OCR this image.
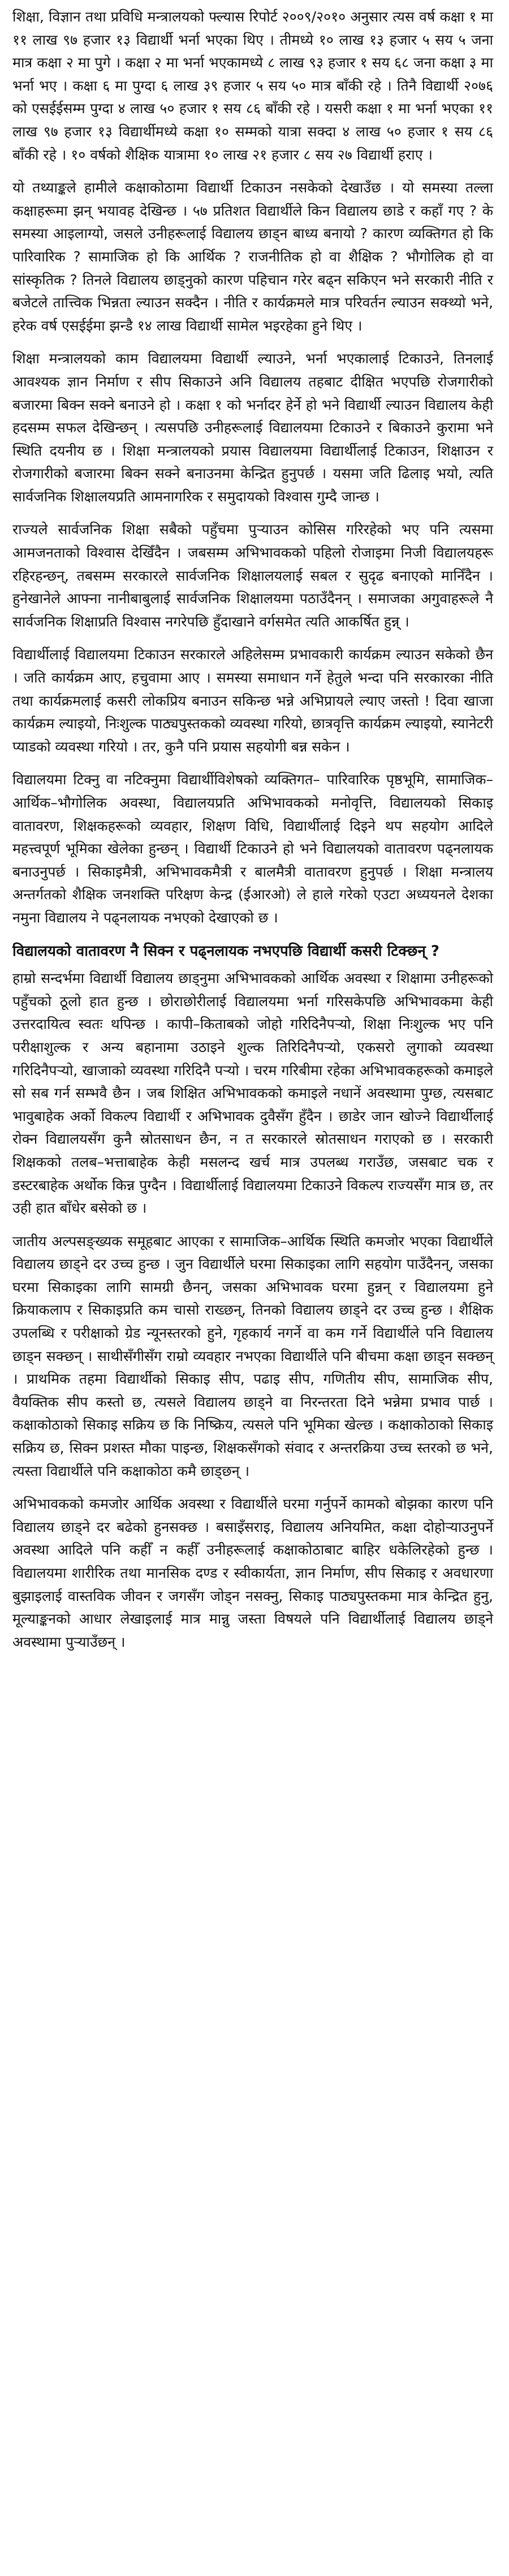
शिक्षा, विज्ञान तथा प्रविधि मन्त्रालयको फ्ल्यास रिपोर्ट २००९/२०१० अनुसार त्यस वर्ष कक्षा १ मा ११ लाख ९७ हजार १३ विद्यार्थी भर्ना भएका थिए । तीमध्ये १० लाख १३ हजार ५ सय ५ जना मात्र कक्षा २ मा पुगे । कक्षा २ मा भर्ना भएकामध्ये ८ लाख ९३ हजार १ सय ६८ जना कक्षा ३ मा भर्ना भए । कक्षा ६ मा पुग्दा ६ लाख ३९ हजार ५ सय ५० मात्र बाँकी रहे । तिनै विद्यार्थी २०७६ को एसईईसम्म पुग्दा ४ लाख ५० हजार १ सय ८६ बाँकी रहे । यसरी कक्षा १ मा भर्ना भएका ११ लाख ९७ हजार १३ विद्यार्थीमध्ये कक्षा १० सम्मको यात्रा सक्दा ४ लाख ५० हजार १ सय ८६ बाँकी रहे । १० वर्षको शैक्षिक यात्रामा १० लाख २१ हजार ८ सय २७ विद्यार्थी हराए ।

यो तथ्याङ्कले हामीले कक्षाकोठामा विद्यार्थी टिकाउन नसकेको देखाउँछ । यो समस्या तल्ला कक्षाहरूमा झन् भयावह देखिन्छ । ५७ प्रतिशत विद्यार्थीले किन विद्यालय छाडे र कहाँ गए ? के समस्या आइलाग्यो, जसले उनीहरूलाई विद्यालय छाड्न बाध्य बनायो ? कारण व्यक्तिगत हो कि पारिवारिक ? सामाजिक हो कि आर्थिक ? राजनीतिक हो वा शैक्षिक ? भौगोलिक हो वा सांस्कृतिक ? तिनले विद्यालय छाड्नुको कारण पहिचान गरेर बढ्न सकिएन भने सरकारी नीति र बजेटले तात्त्विक भिन्नता ल्याउन सक्दैन । नीति र कार्यक्रमले मात्र परिवर्तन ल्याउन सक्थ्यो भने, हरेक वर्ष एसईईमा झन्डै १४ लाख विद्यार्थी सामेल भइरहेका हुने थिए ।

शिक्षा मन्त्रालयको काम विद्यालयमा विद्यार्थी ल्याउने, भर्ना भएकालाई टिकाउने, तिनलाई आवश्यक ज्ञान निर्माण र सीप सिकाउने अनि विद्यालय तहबाट दीक्षित भएपछि रोजगारीको बजारमा बिक्न सक्ने बनाउने हो । कक्षा १ को भर्नादर हेर्ने हो भने विद्यार्थी ल्याउन विद्यालय केही हदसम्म सफल देखिन्छन् । त्यसपछि उनीहरूलाई विद्यालयमा टिकाउने र बिकाउने कुरामा भने स्थिति दयनीय छ । शिक्षा मन्त्रालयको प्रयास विद्यालयमा विद्यार्थीलाई टिकाउन, शिक्षाउन र रोजगारीको बजारमा बिक्न सक्ने बनाउनमा केन्द्रित हुनुपर्छ । यसमा जति ढिलाइ भयो, त्यति सार्वजनिक शिक्षालयप्रति आमनागरिक र समुदायको विश्वास गुम्दै जान्छ ।

राज्यले सार्वजनिक शिक्षा सबैको पहुँचमा पुऱ्याउन कोसिस गरिरहेको भए पनि त्यसमा आमजनताको विश्वास देखिँदैन । जबसम्म अभिभावकको पहिलो रोजाइमा निजी विद्यालयहरू रहिरहन्छन्, तबसम्म सरकारले सार्वजनिक शिक्षालयलाई सबल र सुदृढ बनाएको मानिँदैन । हुनेखानेले आफ्ना नानीबाबुलाई सार्वजनिक शिक्षालयमा पठाउँदैनन् । समाजका अगुवाहरूले नै सार्वजनिक शिक्षाप्रति विश्वास नगरेपछि हुँदाखाने वर्गसमेत त्यति आकर्षित हुन्न् ।

विद्यार्थीलाई विद्यालयमा टिकाउन सरकारले अहिलेसम्म प्रभावकारी कार्यक्रम ल्याउन सकेको छैन । जति कार्यक्रम आए, हचुवामा आए । समस्या समाधान गर्ने हेतुले भन्दा पनि सरकारका नीति तथा कार्यक्रमलाई कसरी लोकप्रिय बनाउन सकिन्छ भन्ने अभिप्रायले ल्याए जस्तो ! दिवा खाजा कार्यक्रम ल्याइयो, निःशुल्क पाठ्यपुस्तकको व्यवस्था गरियो, छात्रवृत्ति कार्यक्रम ल्याइयो, स्यानेटरी प्याडको व्यवस्था गरियो । तर, कुनै पनि प्रयास सहयोगी बन्न सकेन ।

विद्यालयमा टिक्नु वा नटिक्नुमा विद्यार्थीविशेषको व्यक्तिगत– पारिवारिक पृष्ठभूमि, सामाजिक–आर्थिक–भौगोलिक अवस्था, विद्यालयप्रति अभिभावकको मनोवृत्ति, विद्यालयको सिकाइ वातावरण, शिक्षकहरूको व्यवहार, शिक्षण विधि, विद्यार्थीलाई दिइने थप सहयोग आदिले महत्त्वपूर्ण भूमिका खेलेका हुन्छन् । विद्यार्थी टिकाउने हो भने विद्यालयको वातावरण पढ्नलायक बनाउनुपर्छ । सिकाइमैत्री, अभिभावकमैत्री र बालमैत्री वातावरण हुनुपर्छ । शिक्षा मन्त्रालय अन्तर्गतको शैक्षिक जनशक्ति परिक्षण केन्द्र (ईआरओ) ले हाले गरेको एउटा अध्ययनले देशका नमुना विद्यालय ने पढ्नलायक नभएको देखाएको छ ।

विद्यालयको वातावरण नै सिक्न र पढ्नलायक नभएपछि विद्यार्थी कसरी टिक्छन् ?

हाम्रो सन्दर्भमा विद्यार्थी विद्यालय छाड्नुमा अभिभावकको आर्थिक अवस्था र शिक्षामा उनीहरूको पहुँचको ठूलो हात हुन्छ । छोराछोरीलाई विद्यालयमा भर्ना गरिसकेपछि अभिभावकमा केही उत्तरदायित्व स्वतः थपिन्छ । कापी–किताबको जोहो गरिदिनैपऱ्यो, शिक्षा निःशुल्क भए पनि परीक्षाशुल्क र अन्य बहानामा उठाइने शुल्क तिरिदिनैपऱ्यो, एकसरो लुगाको व्यवस्था गरिदिनैपऱ्यो, खाजाको व्यवस्था गरिदिनै पऱ्यो । चरम गरिबीमा रहेका अभिभावकहरूको कमाइले सो सब गर्न सम्भवै छैन । जब शिक्षित अभिभावकको कमाइले नधानें अवस्थामा पुग्छ, त्यसबाट भावुबाहेक अर्को विकल्प विद्यार्थी र अभिभावक दुवैसँग हुँदैन । छाडेर जान खोज्ने विद्यार्थीलाई रोक्न विद्यालयसँग कुनै स्रोतसाधन छैन, न त सरकारले स्रोतसाधन गराएको छ । सरकारी शिक्षकको तलब–भत्ताबाहेक केही मसलन्द खर्च मात्र उपलब्ध गराउँछ, जसबाट चक र डस्टरबाहेक अर्थोक किन्न पुग्दैन । विद्यार्थीलाई विद्यालयमा टिकाउने विकल्प राज्यसँग मात्र छ, तर उही हात बाँधेर बसेको छ ।

जातीय अल्पसङ्ख्यक समूहबाट आएका र सामाजिक–आर्थिक स्थिति कमजोर भएका विद्यार्थीले विद्यालय छाड्ने दर उच्च हुन्छ । जुन विद्यार्थीले घरमा सिकाइका लागि सहयोग पाउँदैनन्, जसका घरमा सिकाइका लागि सामग्री छैनन्, जसका अभिभावक घरमा हुन्नन् र विद्यालयमा हुने क्रियाकलाप र सिकाइप्रति कम चासो राख्छन्, तिनको विद्यालय छाड्ने दर उच्च हुन्छ । शैक्षिक उपलब्धि र परीक्षाको ग्रेड न्यूनस्तरको हुने, गृहकार्य नगर्ने वा कम गर्ने विद्यार्थीले पनि विद्यालय छाड्न सक्छन् । साथीसँगीसँग राम्रो व्यवहार नभएका विद्यार्थीले पनि बीचमा कक्षा छाड्न सक्छन् । प्राथमिक तहमा विद्यार्थीको सिकाइ सीप, पढाइ सीप, गणितीय सीप, सामाजिक सीप, वैयक्तिक सीप कस्तो छ, त्यसले विद्यालय छाड्ने वा निरन्तरता दिने भन्नेमा प्रभाव पार्छ । कक्षाकोठाको सिकाइ सक्रिय छ कि निष्क्रिय, त्यसले पनि भूमिका खेल्छ । कक्षाकोठाको सिकाइ सक्रिय छ, सिक्न प्रशस्त मौका पाइन्छ, शिक्षकसँगको संवाद र अन्तरक्रिया उच्च स्तरको छ भने, त्यस्ता विद्यार्थीले पनि कक्षाकोठा कमै छाड्छन् ।

अभिभावकको कमजोर आर्थिक अवस्था र विद्यार्थीले घरमा गर्नुपर्ने कामको बोझका कारण पनि विद्यालय छाड्ने दर बढेको हुनसक्छ । बसाइँसराइ, विद्यालय अनियमित, कक्षा दोहोऱ्याउनुपर्ने अवस्था आदिले पनि कहीँ न कहीँ उनीहरूलाई कक्षाकोठाबाट बाहिर धकेलिरहेको हुन्छ । विद्यालयमा शारीरिक तथा मानसिक दण्ड र स्वीकार्यता, ज्ञान निर्माण, सीप सिकाइ र अवधारणा बुझाइलाई वास्तविक जीवन र जगसँग जोड्न नसक्नु, सिकाइ पाठ्यपुस्तकमा मात्र केन्द्रित हुनु, मूल्याङ्कनको आधार लेखाइलाई मात्र मान्नु जस्ता विषयले पनि विद्यार्थीलाई विद्यालय छाड्ने अवस्थामा पुऱ्याउँछन् ।
